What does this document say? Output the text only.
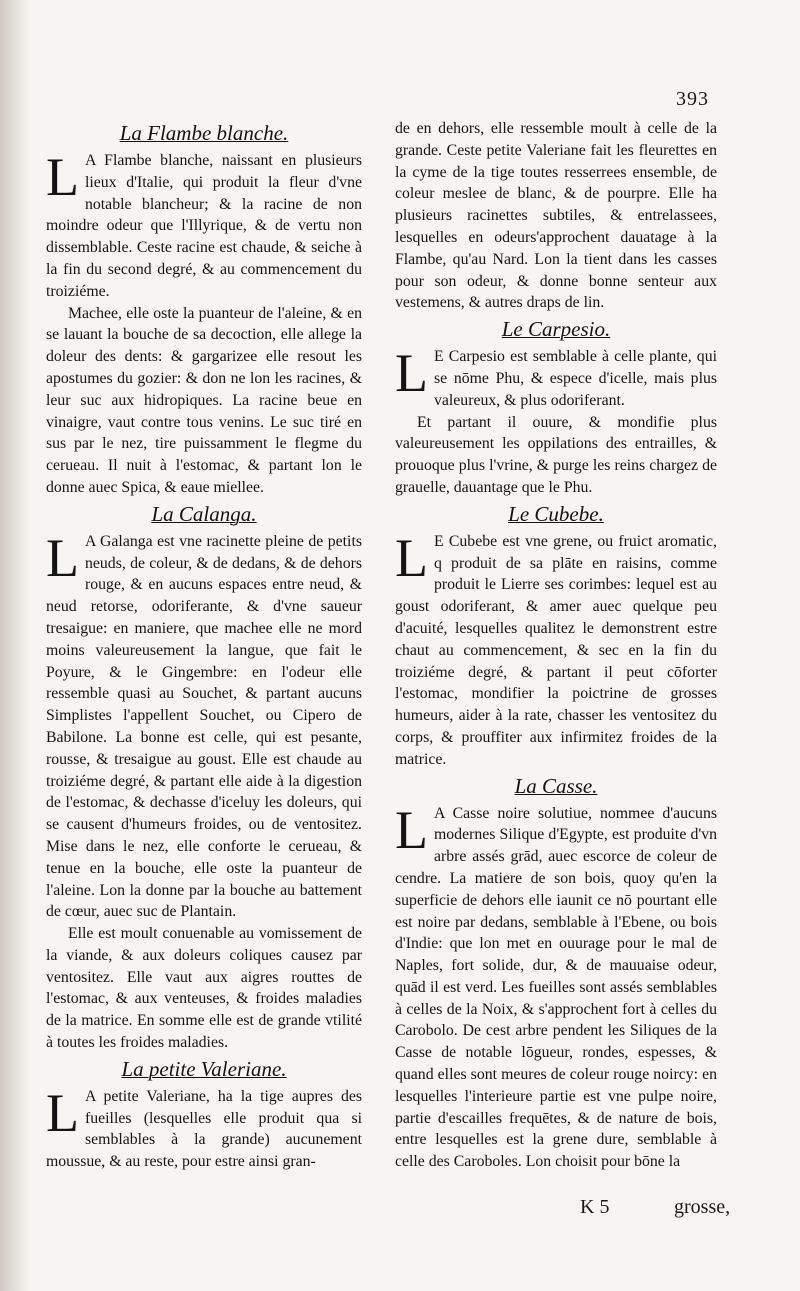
393
La Flambe blanche.

LA Flambe blanche, naissant en plusieurs lieux d'Italie, qui produit la fleur d'vne notable blancheur; & la racine de non moindre odeur que l'Illyrique, & de vertu non dissemblable. Ceste racine est chaude, & seiche à la fin du second degré, & au commencement du troiziéme.

Machee, elle oste la puanteur de l'aleine, & en se lauant la bouche de sa decoction, elle allege la doleur des dents: & gargarizee elle resout les apostumes du gozier: & don ne lon les racines, & leur suc aux hidropiques. La racine beue en vinaigre, vaut contre tous venins. Le suc tiré en sus par le nez, tire puissamment le flegme du cerueau. Il nuit à l'estomac, & partant lon le donne auec Spica, & eaue miellee.

La Calanga.

LA Galanga est vne racinette pleine de petits neuds, de coleur, & de dedans, & de dehors rouge, & en aucuns espaces entre neud, & neud retorse, odoriferante, & d'vne saueur tresaigue: en maniere, que machee elle ne mord moins valeureusement la langue, que fait le Poyure, & le Gingembre: en l'odeur elle ressemble quasi au Souchet, & partant aucuns Simplistes l'appellent Souchet, ou Cipero de Babilone. La bonne est celle, qui est pesante, rousse, & tresaigue au goust. Elle est chaude au troiziéme degré, & partant elle aide à la digestion de l'estomac, & dechasse d'iceluy les doleurs, qui se causent d'humeurs froides, ou de ventositez. Mise dans le nez, elle conforte le cerueau, & tenue en la bouche, elle oste la puanteur de l'aleine. Lon la donne par la bouche au battement de cœur, auec suc de Plantain.

Elle est moult conuenable au vomissement de la viande, & aux doleurs coliques causez par ventositez. Elle vaut aux aigres routtes de l'estomac, & aux venteuses, & froides maladies de la matrice. En somme elle est de grande vtilité à toutes les froides maladies.

La petite Valeriane.

LA petite Valeriane, ha la tige aupres des fueilles (lesquelles elle produit qua si semblables à la grande) aucunement moussue, & au reste, pour estre ainsi gran-

de en dehors, elle ressemble moult à celle de la grande. Ceste petite Valeriane fait les fleurettes en la cyme de la tige toutes resserrees ensemble, de coleur meslee de blanc, & de pourpre. Elle ha plusieurs racinettes subtiles, & entrelassees, lesquelles en odeurs'approchent dauatage à la Flambe, qu'au Nard. Lon la tient dans les casses pour son odeur, & donne bonne senteur aux vestemens, & autres draps de lin.

Le Carpesio.

LE Carpesio est semblable à celle plante, qui se nōme Phu, & espece d'icelle, mais plus valeureux, & plus odoriferant.

Et partant il ouure, & mondifie plus valeureusement les oppilations des entrailles, & prouoque plus l'vrine, & purge les reins chargez de grauelle, dauantage que le Phu.

Le Cubebe.

LE Cubebe est vne grene, ou fruict aromatic, q produit de sa plāte en raisins, comme produit le Lierre ses corimbes: lequel est au goust odoriferant, & amer auec quelque peu d'acuité, lesquelles qualitez le demonstrent estre chaut au commencement, & sec en la fin du troiziéme degré, & partant il peut cōforter l'estomac, mondifier la poictrine de grosses humeurs, aider à la rate, chasser les ventositez du corps, & prouffiter aux infirmitez froides de la matrice.

La Casse.

LA Casse noire solutiue, nommee d'aucuns modernes Silique d'Egypte, est produite d'vn arbre assés grād, auec escorce de coleur de cendre. La matiere de son bois, quoy qu'en la superficie de dehors elle iaunit ce nō pourtant elle est noire par dedans, semblable à l'Ebene, ou bois d'Indie: que lon met en ouurage pour le mal de Naples, fort solide, dur, & de mauuaise odeur, quād il est verd. Les fueilles sont assés semblables à celles de la Noix, & s'approchent fort à celles du Carobolo. De cest arbre pendent les Siliques de la Casse de notable lōgueur, rondes, espesses, & quand elles sont meures de coleur rouge noircy: en lesquelles l'interieure partie est vne pulpe noire, partie d'escailles frequētes, & de nature de bois, entre lesquelles est la grene dure, semblable à celle des Caroboles. Lon choisit pour bōne la

K 5	grosse,
